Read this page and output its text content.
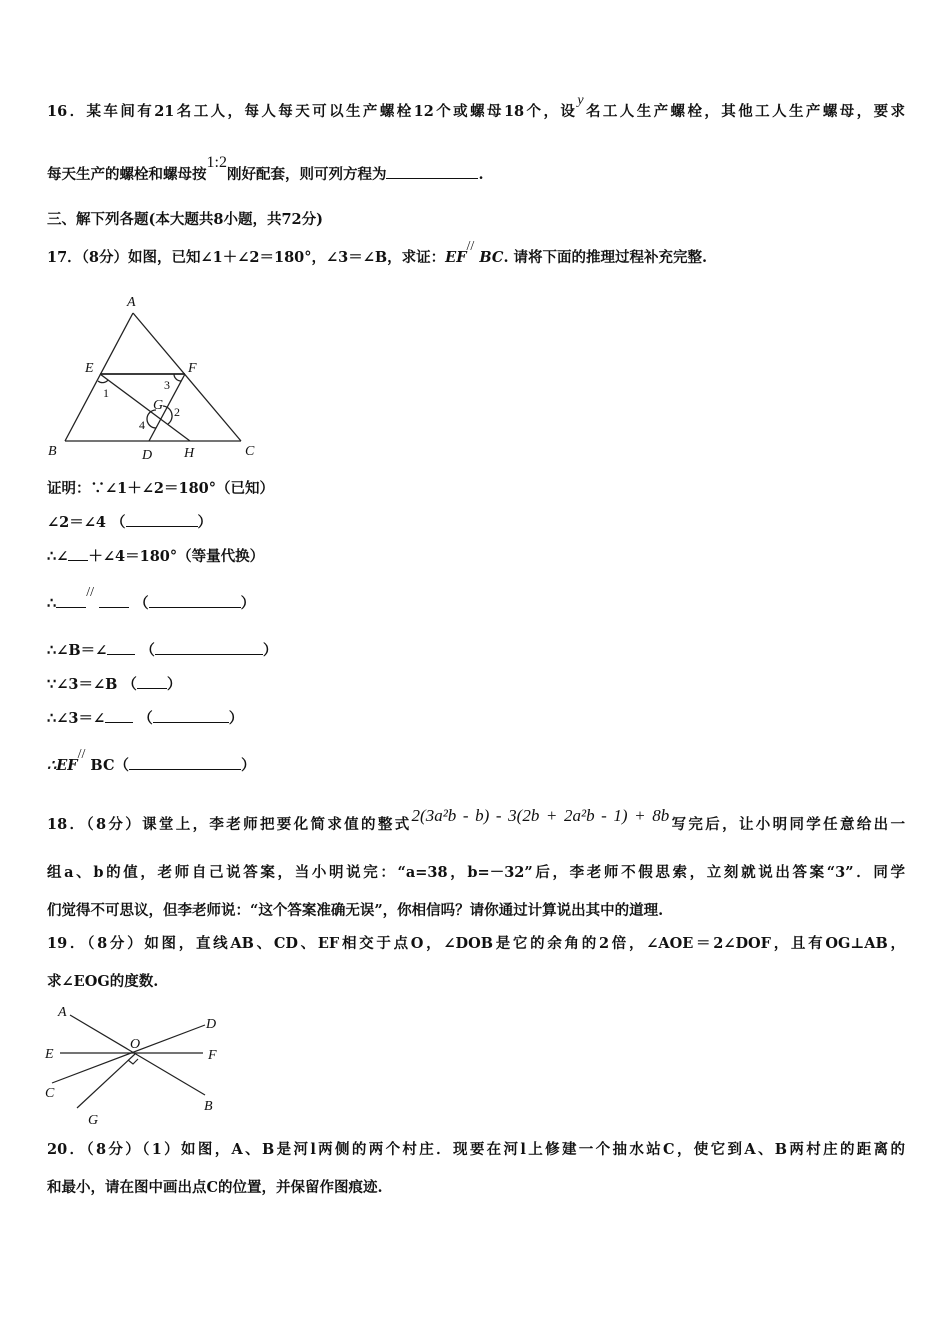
16．某车间有21名工人，每人每天可以生产螺栓12个或螺母18个，设y名工人生产螺栓，其他工人生产螺母，要求
每天生产的螺栓和螺母按1:2刚好配套，则可列方程为	.
三、解下列各题(本大题共8小题，共72分)
17．（8分）如图，已知∠1＋∠2＝180°，∠3＝∠B，求证：EF// BC. 请将下面的推理过程补充完整.
A
E	F
B	C
D H
G
1
2
3
4
A
D
E	F
O
C
B
G
证明：∵∠1＋∠2＝180°（已知）
∠2＝∠4 （	）
∴∠ ＋∠4＝180°（等量代换）
∴//  （	）
∴∠B＝∠ （	）
∵∠3＝∠B （ ）
∴∠3＝∠ （	）
∴EF// BC（	）
18．（8分）课堂上，李老师把要化简求值的整式2(3a²b - b) - 3(2b + 2a²b - 1) + 8b写完后，让小明同学任意给出一
组a、b的值，老师自己说答案，当小明说完：“a=38，b=－32”后，李老师不假思索，立刻就说出答案“3”．同学
们觉得不可思议，但李老师说：“这个答案准确无误”，你相信吗？请你通过计算说出其中的道理.
19．（8分）如图，直线AB、CD、EF相交于点O，∠DOB是它的余角的2倍，∠AOE＝2∠DOF，且有OG⊥AB，
求∠EOG的度数.
20．（8分）（1）如图，A、B是河l两侧的两个村庄．现要在河l上修建一个抽水站C，使它到A、B两村庄的距离的
和最小，请在图中画出点C的位置，并保留作图痕迹.
